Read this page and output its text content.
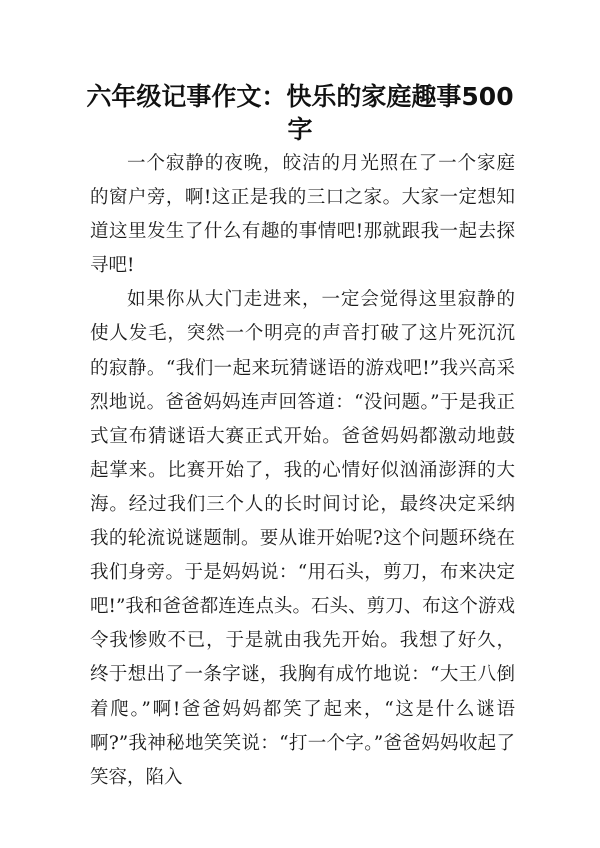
六年级记事作文：快乐的家庭趣事500字

一个寂静的夜晚，皎洁的月光照在了一个家庭的窗户旁，啊!这正是我的三口之家。大家一定想知道这里发生了什么有趣的事情吧!那就跟我一起去探寻吧!

如果你从大门走进来，一定会觉得这里寂静的使人发毛，突然一个明亮的声音打破了这片死沉沉的寂静。“我们一起来玩猜谜语的游戏吧!”我兴高采烈地说。爸爸妈妈连声回答道：“没问题。”于是我正式宣布猜谜语大赛正式开始。爸爸妈妈都激动地鼓起掌来。比赛开始了，我的心情好似汹涌澎湃的大海。经过我们三个人的长时间讨论，最终决定采纳我的轮流说谜题制。要从谁开始呢?这个问题环绕在我们身旁。于是妈妈说：“用石头，剪刀，布来决定吧!”我和爸爸都连连点头。石头、剪刀、布这个游戏令我惨败不已，于是就由我先开始。我想了好久，终于想出了一条字谜，我胸有成竹地说：“大王八倒着爬。”啊!爸爸妈妈都笑了起来，“这是什么谜语啊?”我神秘地笑笑说：“打一个字。”爸爸妈妈收起了笑容，陷入
